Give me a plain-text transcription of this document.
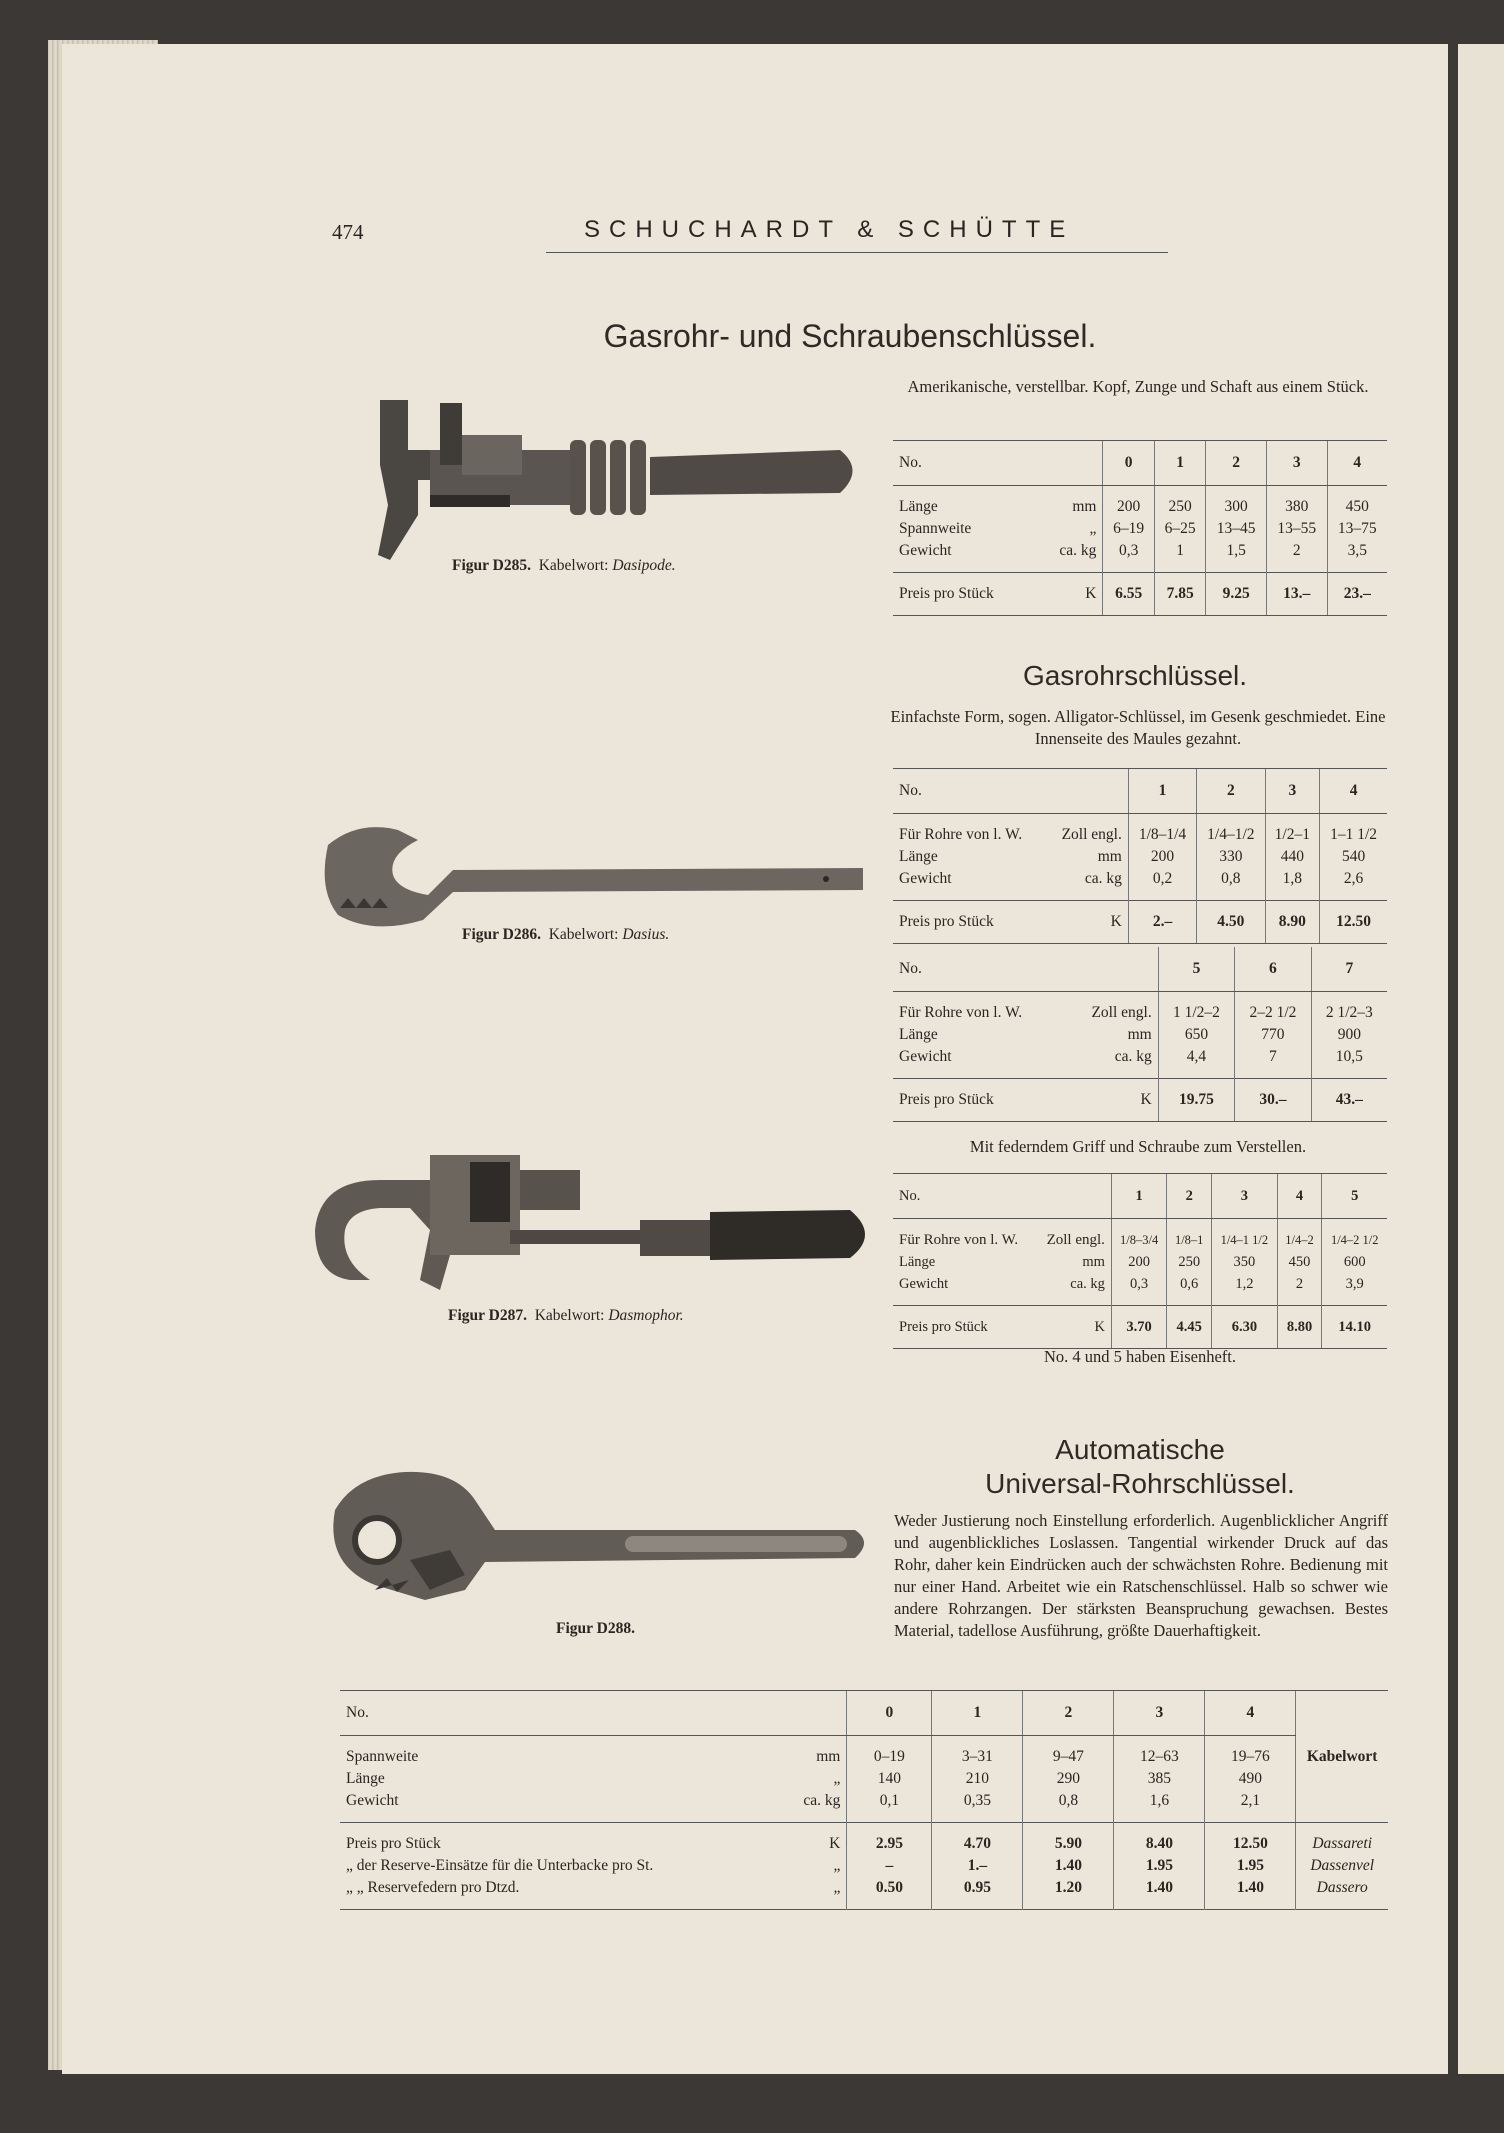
474	SCHUCHARDT & SCHÜTTE
Gasrohr- und Schraubenschlüssel.
Amerikanische, verstellbar. Kopf, Zunge und Schaft aus einem Stück.
Figur D285. Kabelwort: Dasipode.
No.		0	1	2	3	4
Länge	mm	200	250	300	380	450
Spannweite	„	6–19	6–25	13–45	13–55	13–75
Gewicht	ca. kg	0,3	1	1,5	2	3,5
Preis pro Stück	K	6.55	7.85	9.25	13.–	23.–
Gasrohrschlüssel.
Einfachste Form, sogen. Alligator-Schlüssel, im Gesenk geschmiedet. Eine Innenseite des Maules gezahnt.
Figur D286. Kabelwort: Dasius.
No.		1	2	3	4
Für Rohre von l. W.	Zoll engl.	1/8–1/4	1/4–1/2	1/2–1	1–1 1/2
Länge	mm	200	330	440	540
Gewicht	ca. kg	0,2	0,8	1,8	2,6
Preis pro Stück	K	2.–	4.50	8.90	12.50
No.		5	6	7
Für Rohre von l. W.	Zoll engl.	1 1/2–2	2–2 1/2	2 1/2–3
Länge	mm	650	770	900
Gewicht	ca. kg	4,4	7	10,5
Preis pro Stück	K	19.75	30.–	43.–
Mit federndem Griff und Schraube zum Verstellen.
Figur D287. Kabelwort: Dasmophor.
No.		1	2	3	4	5
Für Rohre von l. W.	Zoll engl.	1/8–3/4	1/8–1	1/4–1 1/2	1/4–2	1/4–2 1/2
Länge	mm	200	250	350	450	600
Gewicht	ca. kg	0,3	0,6	1,2	2	3,9
Preis pro Stück	K	3.70	4.45	6.30	8.80	14.10
No. 4 und 5 haben Eisenheft.
Automatische
Universal-Rohrschlüssel.
Weder Justierung noch Einstellung erforderlich. Augenblicklicher Angriff und augenblickliches Loslassen. Tangential wirkender Druck auf das Rohr, daher kein Eindrücken auch der schwächsten Rohre. Bedienung mit nur einer Hand. Arbeitet wie ein Ratschenschlüssel. Halb so schwer wie andere Rohrzangen. Der stärksten Beanspruchung gewachsen. Bestes Material, tadellose Ausführung, größte Dauerhaftigkeit.
Figur D288.
No.		0	1	2	3	4	Kabelwort
Spannweite	mm	0–19	3–31	9–47	12–63	19–76	
Länge	„	140	210	290	385	490	
Gewicht	ca. kg	0,1	0,35	0,8	1,6	2,1	
Preis pro Stück	K	2.95	4.70	5.90	8.40	12.50	Dassareti
„ der Reserve-Einsätze für die Unterbacke pro St.	„	–	1.–	1.40	1.95	1.95	Dassenvel
„ „ Reservefedern pro Dtzd.	„	0.50	0.95	1.20	1.40	1.40	Dassero
